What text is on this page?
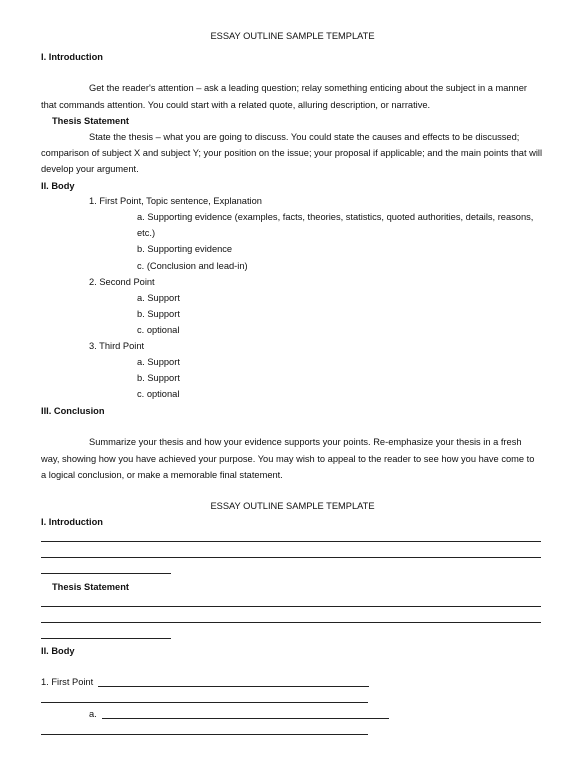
ESSAY OUTLINE SAMPLE TEMPLATE
I. Introduction
Get the reader's attention – ask a leading question; relay something enticing about the subject in a manner
that commands attention. You could start with a related quote, alluring description, or narrative.
Thesis Statement
State the thesis – what you are going to discuss. You could state the causes and effects to be discussed;
comparison of subject X and subject Y; your position on the issue; your proposal if applicable; and the main points that will
develop your argument.
II. Body
1. First Point, Topic sentence, Explanation
a. Supporting evidence (examples, facts, theories, statistics, quoted authorities, details, reasons,
etc.)
b. Supporting evidence
c. (Conclusion and lead-in)
2. Second Point
a. Support
b. Support
c. optional
3. Third Point
a. Support
b. Support
c. optional
III. Conclusion
Summarize your thesis and how your evidence supports your points. Re-emphasize your thesis in a fresh
way, showing how you have achieved your purpose. You may wish to appeal to the reader to see how you have come to
a logical conclusion, or make a memorable final statement.
ESSAY OUTLINE SAMPLE TEMPLATE
I. Introduction
Thesis Statement
II. Body
1. First Point
a.
